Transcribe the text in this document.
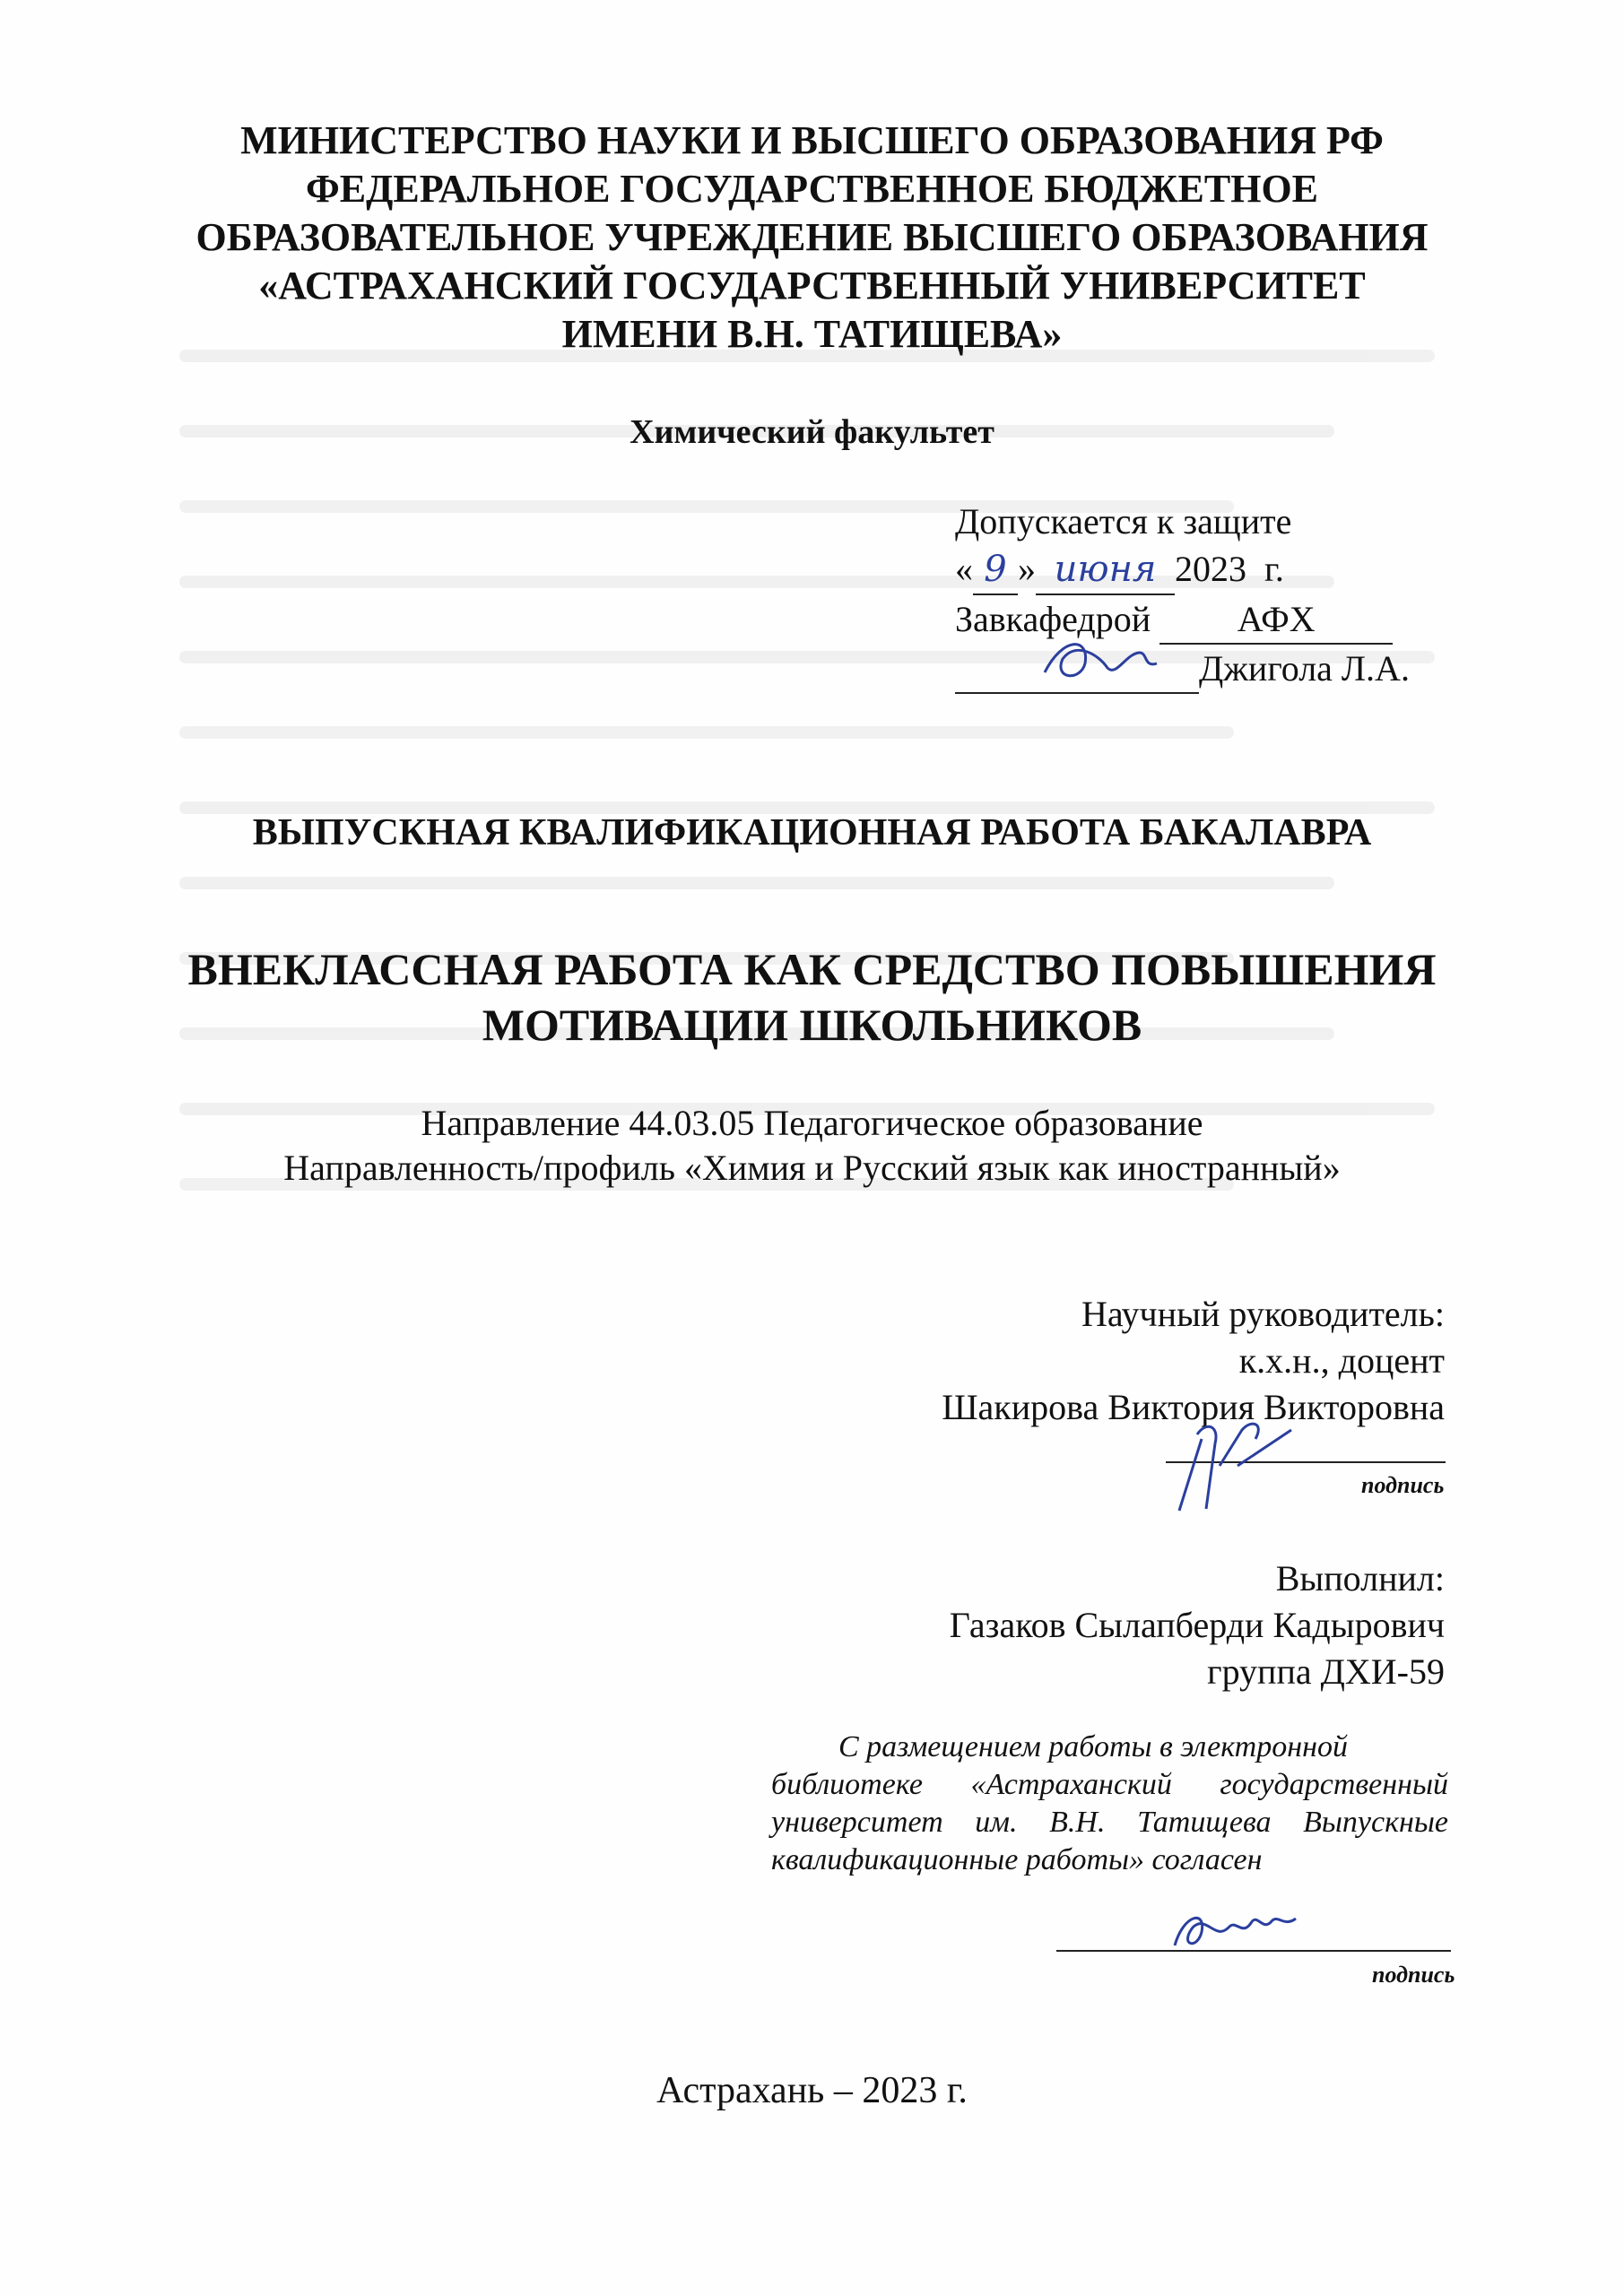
МИНИСТЕРСТВО НАУКИ И ВЫСШЕГО ОБРАЗОВАНИЯ РФ
ФЕДЕРАЛЬНОЕ ГОСУДАРСТВЕННОЕ БЮДЖЕТНОЕ
ОБРАЗОВАТЕЛЬНОЕ УЧРЕЖДЕНИЕ ВЫСШЕГО ОБРАЗОВАНИЯ
«АСТРАХАНСКИЙ ГОСУДАРСТВЕННЫЙ УНИВЕРСИТЕТ
ИМЕНИ В.Н. ТАТИЩЕВА»
Химический факультет
Допускается к защите
« 9 » июня 2023 г.
Завкафедрой АФХ
Джигола Л.А.
ВЫПУСКНАЯ КВАЛИФИКАЦИОННАЯ РАБОТА БАКАЛАВРА
ВНЕКЛАССНАЯ РАБОТА КАК СРЕДСТВО ПОВЫШЕНИЯ
МОТИВАЦИИ ШКОЛЬНИКОВ
Направление 44.03.05 Педагогическое образование
Направленность/профиль «Химия и Русский язык как иностранный»
Научный руководитель:
к.х.н., доцент
Шакирова Виктория Викторовна
подпись
Выполнил:
Газаков Сылапберди Кадырович
группа ДХИ-59
С размещением работы в электронной
библиотеке «Астраханский государственный университет им. В.Н. Татищева Выпускные квалификационные работы» согласен
подпись
Астрахань – 2023 г.
